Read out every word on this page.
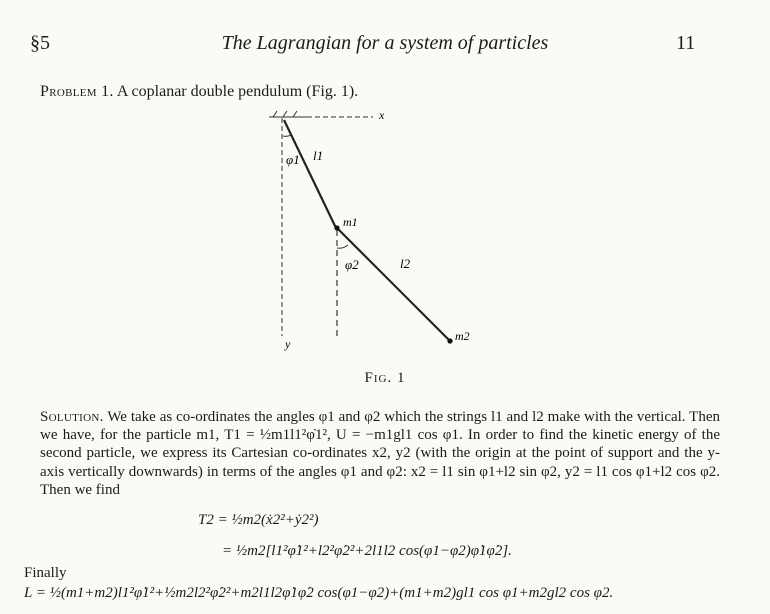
§5	The Lagrangian for a system of particles	11
Problem 1. A coplanar double pendulum (Fig. 1).
x
y
φ1 l1
m1
φ2	l2
m2
Fig. 1
Solution. We take as co-ordinates the angles φ1 and φ2 which the strings l1 and l2 make with the vertical. Then we have, for the particle m1, T1 = ½m1l1²φ̇1², U = −m1gl1 cos φ1. In order to find the kinetic energy of the second particle, we express its Cartesian co-ordinates x2, y2 (with the origin at the point of support and the y-axis vertically downwards) in terms of the angles φ1 and φ2: x2 = l1 sin φ1+l2 sin φ2, y2 = l1 cos φ1+l2 cos φ2. Then we find
T2 = ½m2(ẋ2²+ẏ2²)
= ½m2[l1²φ̇1²+l2²φ̇2²+2l1l2 cos(φ1−φ2)φ̇1φ̇2].
Finally
L = ½(m1+m2)l1²φ̇1²+½m2l2²φ̇2²+m2l1l2φ̇1φ̇2 cos(φ1−φ2)+(m1+m2)gl1 cos φ1+m2gl2 cos φ2.
